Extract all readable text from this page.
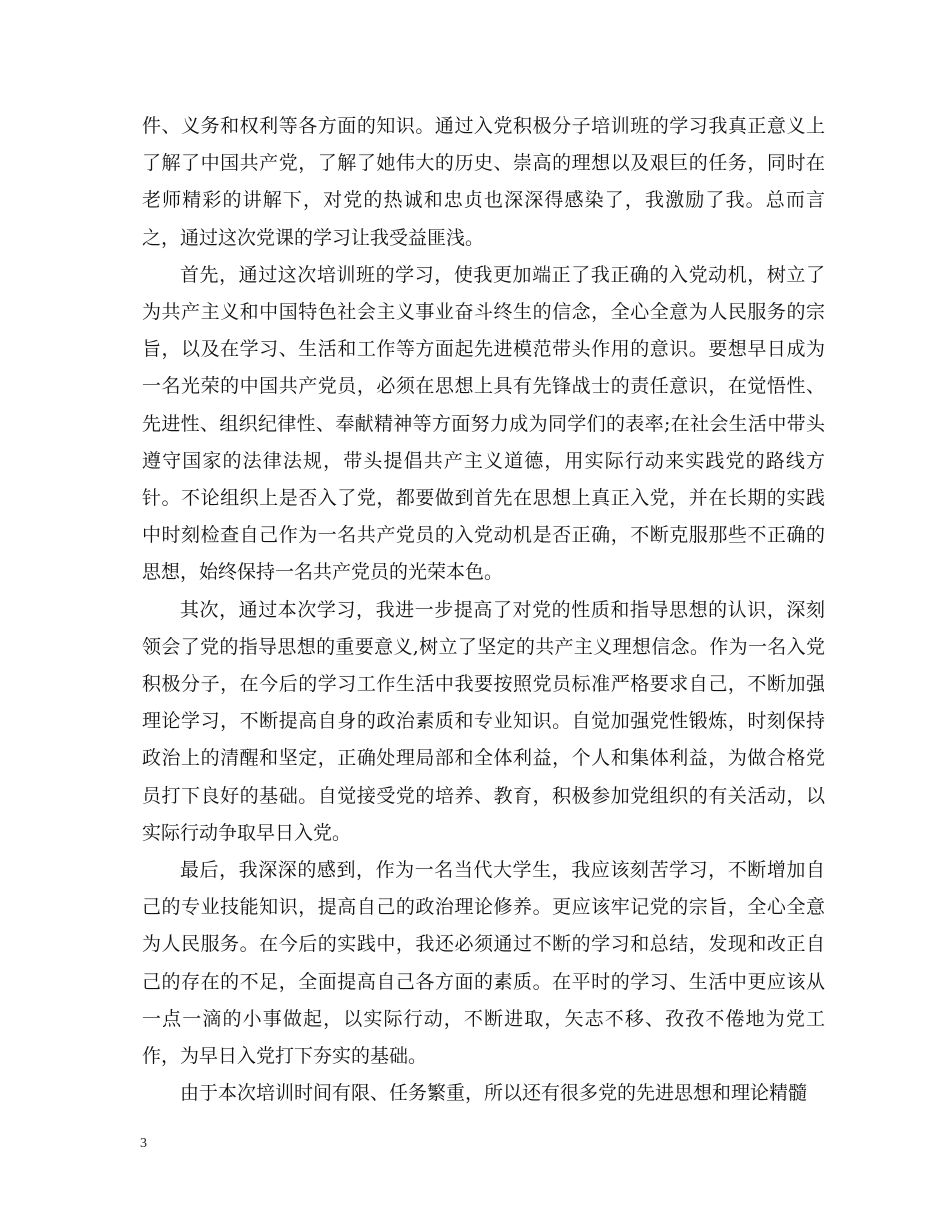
件、义务和权利等各方面的知识。通过入党积极分子培训班的学习我真正意义上了解了中国共产党，了解了她伟大的历史、崇高的理想以及艰巨的任务，同时在老师精彩的讲解下，对党的热诚和忠贞也深深得感染了，我激励了我。总而言之，通过这次党课的学习让我受益匪浅。

首先，通过这次培训班的学习，使我更加端正了我正确的入党动机，树立了为共产主义和中国特色社会主义事业奋斗终生的信念，全心全意为人民服务的宗旨，以及在学习、生活和工作等方面起先进模范带头作用的意识。要想早日成为一名光荣的中国共产党员，必须在思想上具有先锋战士的责任意识，在觉悟性、先进性、组织纪律性、奉献精神等方面努力成为同学们的表率;在社会生活中带头遵守国家的法律法规，带头提倡共产主义道德，用实际行动来实践党的路线方针。不论组织上是否入了党，都要做到首先在思想上真正入党，并在长期的实践中时刻检查自己作为一名共产党员的入党动机是否正确，不断克服那些不正确的思想，始终保持一名共产党员的光荣本色。

其次，通过本次学习，我进一步提高了对党的性质和指导思想的认识，深刻领会了党的指导思想的重要意义,树立了坚定的共产主义理想信念。作为一名入党积极分子，在今后的学习工作生活中我要按照党员标准严格要求自己，不断加强理论学习，不断提高自身的政治素质和专业知识。自觉加强党性锻炼，时刻保持政治上的清醒和坚定，正确处理局部和全体利益，个人和集体利益，为做合格党员打下良好的基础。自觉接受党的培养、教育，积极参加党组织的有关活动，以实际行动争取早日入党。

最后，我深深的感到，作为一名当代大学生，我应该刻苦学习，不断增加自己的专业技能知识，提高自己的政治理论修养。更应该牢记党的宗旨，全心全意为人民服务。在今后的实践中，我还必须通过不断的学习和总结，发现和改正自己的存在的不足，全面提高自己各方面的素质。在平时的学习、生活中更应该从一点一滴的小事做起，以实际行动，不断进取，矢志不移、孜孜不倦地为党工作，为早日入党打下夯实的基础。

由于本次培训时间有限、任务繁重，所以还有很多党的先进思想和理论精髓

3
